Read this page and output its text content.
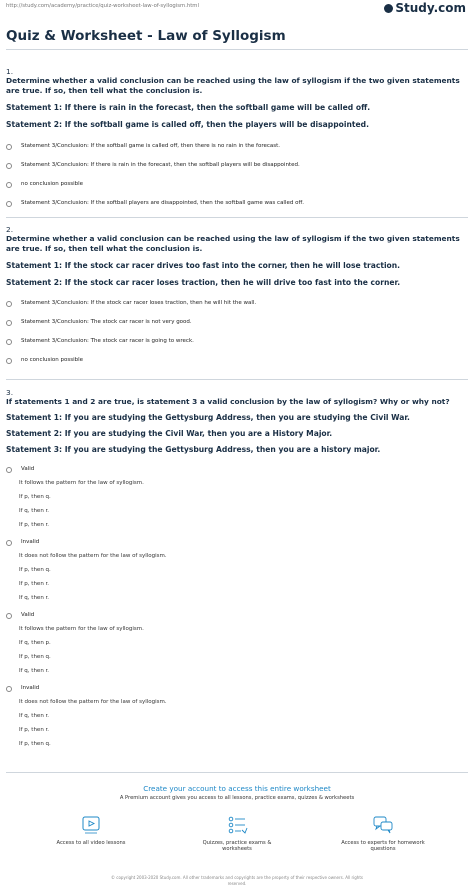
http://study.com/academy/practice/quiz-worksheet-law-of-syllogism.html	Study.com
Quiz & Worksheet - Law of Syllogism

1.

Determine whether a valid conclusion can be reached using the law of syllogism if the two given statements are true. If so, then tell what the conclusion is.

Statement 1: If there is rain in the forecast, then the softball game will be called off.

Statement 2: If the softball game is called off, then the players will be disappointed.

Statement 3/Conclusion: If the softball game is called off, then there is no rain in the forecast.
Statement 3/Conclusion: If there is rain in the forecast, then the softball players will be disappointed.
no conclusion possible
Statement 3/Conclusion: If the softball players are disappointed, then the softball game was called off.

2.

Determine whether a valid conclusion can be reached using the law of syllogism if the two given statements are true. If so, then tell what the conclusion is.

Statement 1: If the stock car racer drives too fast into the corner, then he will lose traction.

Statement 2: If the stock car racer loses traction, then he will drive too fast into the corner.

Statement 3/Conclusion: If the stock car racer loses traction, then he will hit the wall.
Statement 3/Conclusion: The stock car racer is not very good.
Statement 3/Conclusion: The stock car racer is going to wreck.
no conclusion possible

3.

If statements 1 and 2 are true, is statement 3 a valid conclusion by the law of syllogism? Why or why not?

Statement 1: If you are studying the Gettysburg Address, then you are studying the Civil War.

Statement 2: If you are studying the Civil War, then you are a History Major.

Statement 3: If you are studying the Gettysburg Address, then you are a history major.

Valid
It follows the pattern for the law of syllogism.
If p, then q.
If q, then r.
If p, then r.
Invalid
It does not follow the pattern for the law of syllogism.
If p, then q.
If p, then r.
If q, then r.
Valid
It follows the pattern for the law of syllogism.
If q, then p.
If p, then q.
If q, then r.
Invalid
It does not follow the pattern for the law of syllogism.
If q, then r.
If p, then r.
If p, then q.
Create your account to access this entire worksheet
A Premium account gives you access to all lessons, practice exams, quizzes & worksheets
Access to all video lessons	Quizzes, practice exams & worksheets
Access to experts for homework questions
© copyright 2003-2020 Study.com. All other trademarks and copyrights are the property of their respective owners. All rights
reserved.
